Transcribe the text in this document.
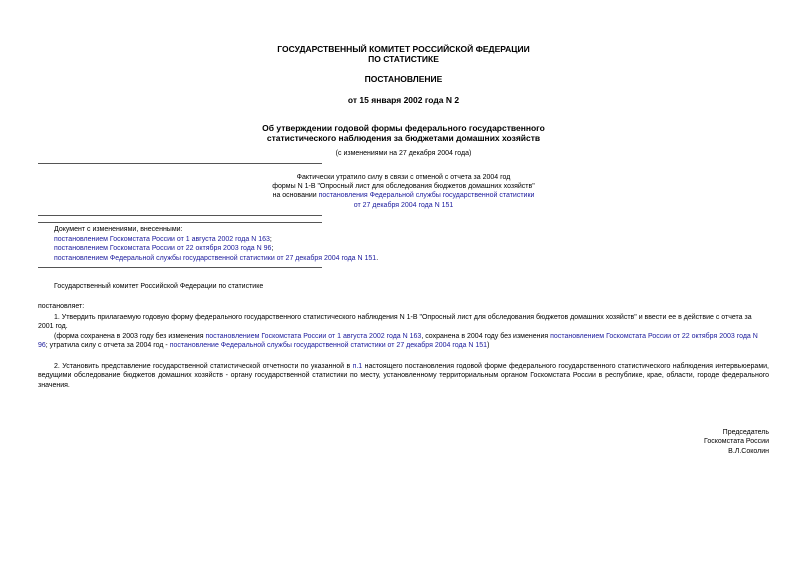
ГОСУДАРСТВЕННЫЙ КОМИТЕТ РОССИЙСКОЙ ФЕДЕРАЦИИ
ПО СТАТИСТИКЕ
ПОСТАНОВЛЕНИЕ
от 15 января 2002 года N 2
Об утверждении годовой формы федерального государственного
статистического наблюдения за бюджетами домашних хозяйств
(с изменениями на 27 декабря 2004 года)
Фактически утратило силу в связи с отменой с отчета за 2004 год
формы N 1-В "Опросный лист для обследования бюджетов домашних хозяйств"
на основании постановления Федеральной службы государственной статистики
от 27 декабря 2004 года N 151
Документ с изменениями, внесенными:
постановлением Госкомстата России от 1 августа 2002 года N 163;
постановлением Госкомстата России от 22 октября 2003 года N 96;
постановлением Федеральной службы государственной статистики от 27 декабря 2004 года N 151.
Государственный комитет Российской Федерации по статистике
постановляет:
1. Утвердить прилагаемую годовую форму федерального государственного статистического наблюдения N 1-В "Опросный лист для обследования бюджетов домашних хозяйств" и ввести ее в действие с отчета за 2001 год.
(форма сохранена в 2003 году без изменения постановлением Госкомстата России от 1 августа 2002 года N 163, сохранена в 2004 году без изменения постановлением Госкомстата России от 22 октября 2003 года N 96; утратила силу с отчета за 2004 год - постановление Федеральной службы государственной статистики от 27 декабря 2004 года N 151)
2. Установить представление государственной статистической отчетности по указанной в п.1 настоящего постановления годовой форме федерального государственного статистического наблюдения интервьюерами, ведущими обследование бюджетов домашних хозяйств - органу государственной статистики по месту, установленному территориальным органом Госкомстата России в республике, крае, области, городе федерального значения.
Председатель
Госкомстата России
В.Л.Соколин
